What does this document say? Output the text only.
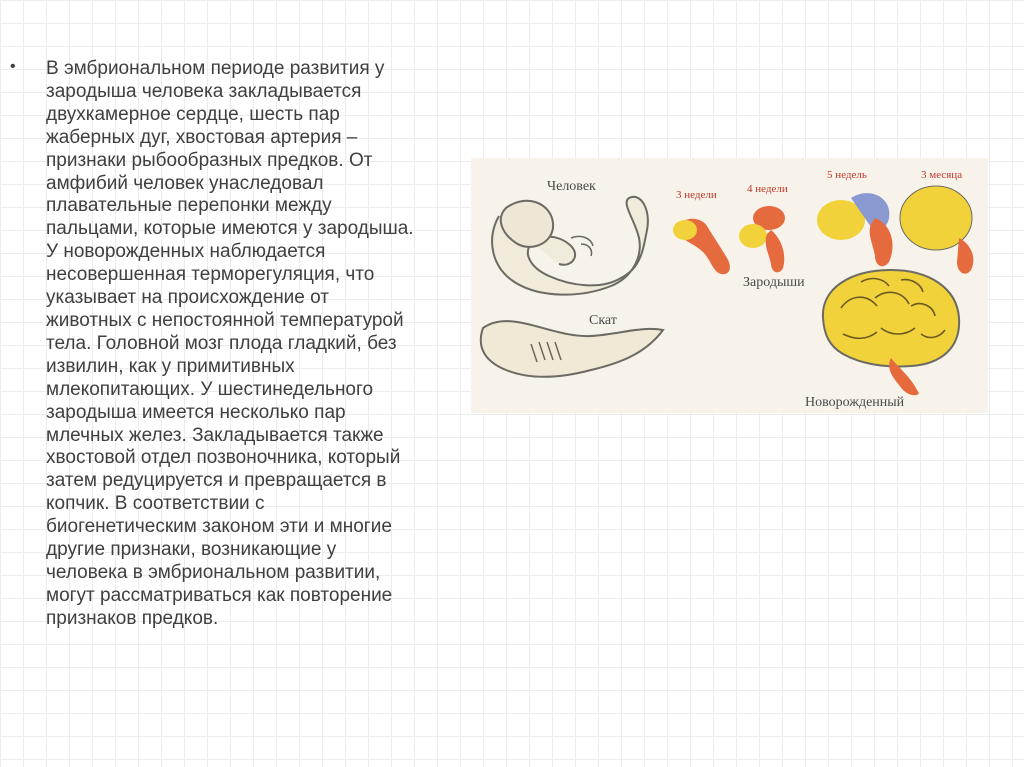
• В эмбриональном периоде развития у
зародыша человека закладывается
двухкамерное сердце, шесть пар
жаберных дуг, хвостовая артерия –
признаки рыбообразных предков. От
амфибий человек унаследовал
плавательные перепонки между
пальцами, которые имеются у зародыша.
У новорожденных наблюдается
несовершенная терморегуляция, что
указывает на происхождение от
животных с непостоянной температурой
тела. Головной мозг плода гладкий, без
извилин, как у примитивных
млекопитающих. У шестинедельного
зародыша имеется несколько пар
млечных желез. Закладывается также
хвостовой отдел позвоночника, который
затем редуцируется и превращается в
копчик. В соответствии с
биогенетическим законом эти и многие
другие признаки, возникающие у
человека в эмбриональном развитии,
могут рассматриваться как повторение
признаков предков.

Человек
Скат
3 недели	4 недели
5 недель	3 месяца
Зародыши
Новорожденный
